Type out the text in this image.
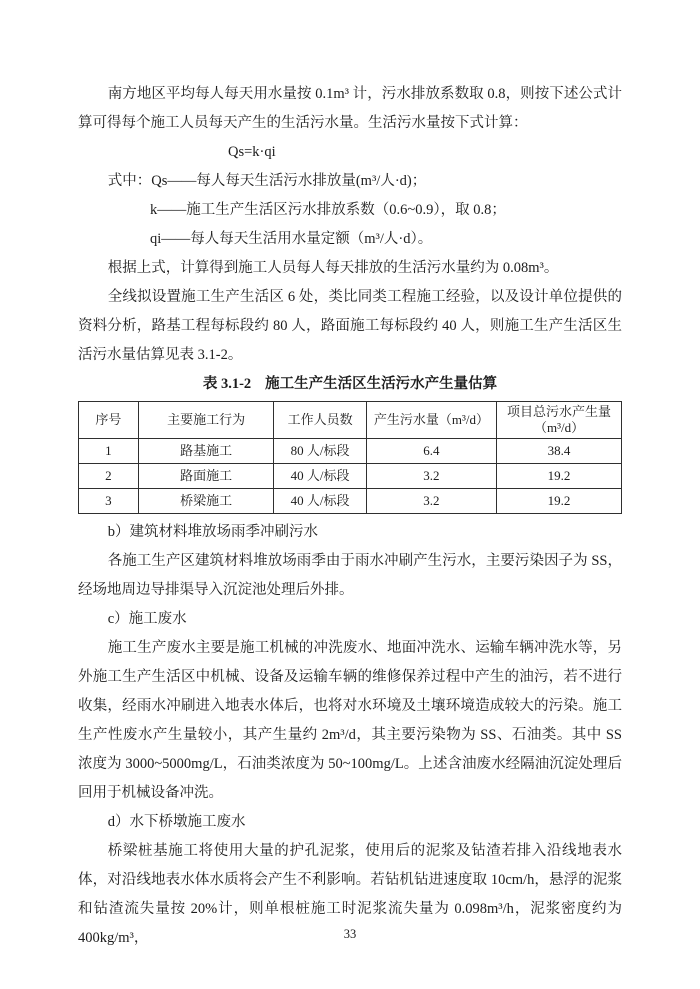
南方地区平均每人每天用水量按 0.1m³ 计，污水排放系数取 0.8，则按下述公式计算可得每个施工人员每天产生的生活污水量。生活污水量按下式计算：

Qs=k·qi

式中：Qs——每人每天生活污水排放量(m³/人·d)；

k——施工生产生活区污水排放系数（0.6~0.9），取 0.8；

qi——每人每天生活用水量定额（m³/人·d）。

根据上式，计算得到施工人员每人每天排放的生活污水量约为 0.08m³。

全线拟设置施工生产生活区 6 处，类比同类工程施工经验，以及设计单位提供的资料分析，路基工程每标段约 80 人，路面施工每标段约 40 人，则施工生产生活区生活污水量估算见表 3.1-2。

表 3.1-2 施工生产生活区生活污水产生量估算

序号	主要施工行为	工作人员数	产生污水量（m³/d）	项目总污水产生量（m³/d）
1	路基施工	80 人/标段	6.4	38.4
2	路面施工	40 人/标段	3.2	19.2
3	桥梁施工	40 人/标段	3.2	19.2

b）建筑材料堆放场雨季冲刷污水

各施工生产区建筑材料堆放场雨季由于雨水冲刷产生污水，主要污染因子为 SS，经场地周边导排渠导入沉淀池处理后外排。

c）施工废水

施工生产废水主要是施工机械的冲洗废水、地面冲洗水、运输车辆冲洗水等，另外施工生产生活区中机械、设备及运输车辆的维修保养过程中产生的油污，若不进行收集，经雨水冲刷进入地表水体后，也将对水环境及土壤环境造成较大的污染。施工生产性废水产生量较小，其产生量约 2m³/d，其主要污染物为 SS、石油类。其中 SS 浓度为 3000~5000mg/L，石油类浓度为 50~100mg/L。上述含油废水经隔油沉淀处理后回用于机械设备冲洗。

d）水下桥墩施工废水

桥梁桩基施工将使用大量的护孔泥浆，使用后的泥浆及钻渣若排入沿线地表水体，对沿线地表水体水质将会产生不利影响。若钻机钻进速度取 10cm/h，悬浮的泥浆和钻渣流失量按 20%计，则单根桩施工时泥浆流失量为 0.098m³/h，泥浆密度约为 400kg/m³，	33
